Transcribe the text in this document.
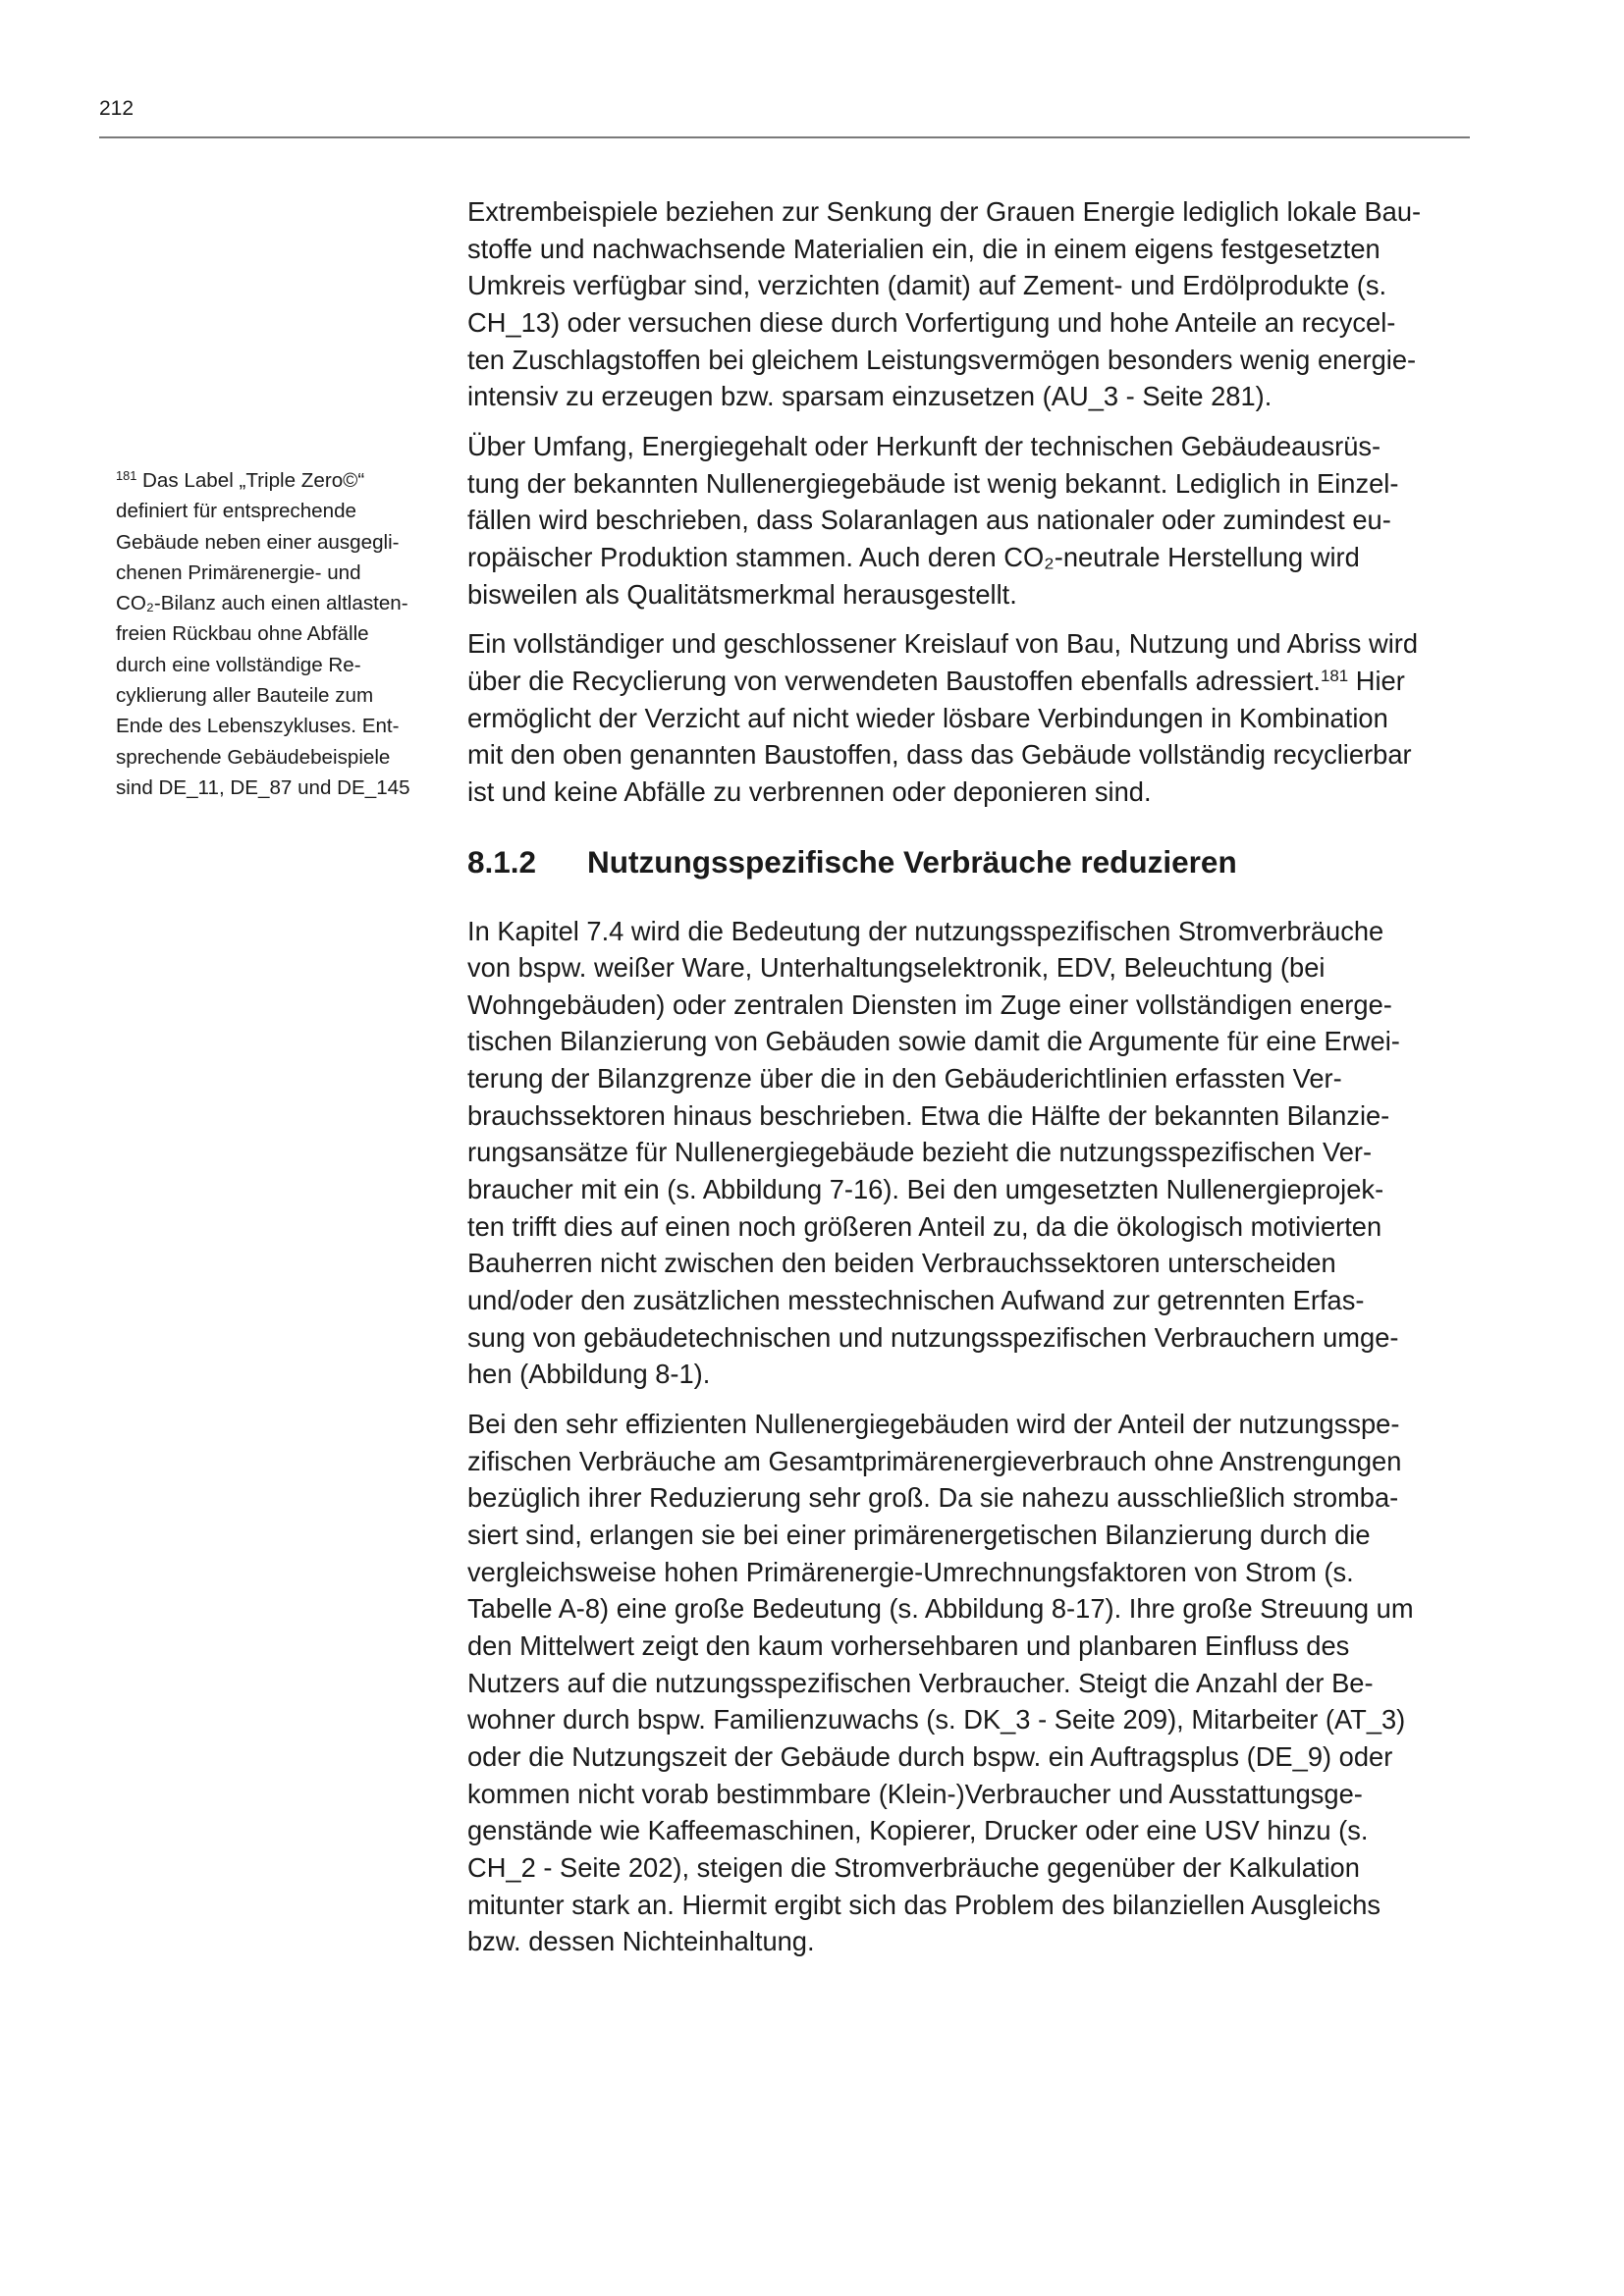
212
$^{181}$ Das Label „Triple Zero©“
definiert für entsprechende
Gebäude neben einer ausgegli-
chenen Primärenergie- und
CO₂-Bilanz auch einen altlasten-
freien Rückbau ohne Abfälle
durch eine vollständige Re-
cyklierung aller Bauteile zum
Ende des Lebenszykluses. Ent-
sprechende Gebäudebeispiele
sind DE_11, DE_87 und DE_145
Extrembeispiele beziehen zur Senkung der Grauen Energie lediglich lokale Bau-
stoffe und nachwachsende Materialien ein, die in einem eigens festgesetzten
Umkreis verfügbar sind, verzichten (damit) auf Zement- und Erdölprodukte (s.
CH_13) oder versuchen diese durch Vorfertigung und hohe Anteile an recycel-
ten Zuschlagstoffen bei gleichem Leistungsvermögen besonders wenig energie-
intensiv zu erzeugen bzw. sparsam einzusetzen (AU_3 - Seite 281).
Über Umfang, Energiegehalt oder Herkunft der technischen Gebäudeausrüs-
tung der bekannten Nullenergiegebäude ist wenig bekannt. Lediglich in Einzel-
fällen wird beschrieben, dass Solaranlagen aus nationaler oder zumindest eu-
ropäischer Produktion stammen. Auch deren CO₂-neutrale Herstellung wird
bisweilen als Qualitätsmerkmal herausgestellt.
Ein vollständiger und geschlossener Kreislauf von Bau, Nutzung und Abriss wird
über die Recyclierung von verwendeten Baustoffen ebenfalls adressiert.$^{181}$ Hier
ermöglicht der Verzicht auf nicht wieder lösbare Verbindungen in Kombination
mit den oben genannten Baustoffen, dass das Gebäude vollständig recyclierbar
ist und keine Abfälle zu verbrennen oder deponieren sind.
8.1.2	Nutzungsspezifische Verbräuche reduzieren
In Kapitel 7.4 wird die Bedeutung der nutzungsspezifischen Stromverbräuche
von bspw. weißer Ware, Unterhaltungselektronik, EDV, Beleuchtung (bei
Wohngebäuden) oder zentralen Diensten im Zuge einer vollständigen energe-
tischen Bilanzierung von Gebäuden sowie damit die Argumente für eine Erwei-
terung der Bilanzgrenze über die in den Gebäuderichtlinien erfassten Ver-
brauchssektoren hinaus beschrieben. Etwa die Hälfte der bekannten Bilanzie-
rungsansätze für Nullenergiegebäude bezieht die nutzungsspezifischen Ver-
braucher mit ein (s. Abbildung 7-16). Bei den umgesetzten Nullenergieprojek-
ten trifft dies auf einen noch größeren Anteil zu, da die ökologisch motivierten
Bauherren nicht zwischen den beiden Verbrauchssektoren unterscheiden
und/oder den zusätzlichen messtechnischen Aufwand zur getrennten Erfas-
sung von gebäudetechnischen und nutzungsspezifischen Verbrauchern umge-
hen (Abbildung 8-1).
Bei den sehr effizienten Nullenergiegebäuden wird der Anteil der nutzungsspe-
zifischen Verbräuche am Gesamtprimärenergieverbrauch ohne Anstrengungen
bezüglich ihrer Reduzierung sehr groß. Da sie nahezu ausschließlich stromba-
siert sind, erlangen sie bei einer primärenergetischen Bilanzierung durch die
vergleichsweise hohen Primärenergie-Umrechnungsfaktoren von Strom (s.
Tabelle A-8) eine große Bedeutung (s. Abbildung 8-17). Ihre große Streuung um
den Mittelwert zeigt den kaum vorhersehbaren und planbaren Einfluss des
Nutzers auf die nutzungsspezifischen Verbraucher. Steigt die Anzahl der Be-
wohner durch bspw. Familienzuwachs (s. DK_3 - Seite 209), Mitarbeiter (AT_3)
oder die Nutzungszeit der Gebäude durch bspw. ein Auftragsplus (DE_9) oder
kommen nicht vorab bestimmbare (Klein-)Verbraucher und Ausstattungsge-
genstände wie Kaffeemaschinen, Kopierer, Drucker oder eine USV hinzu (s.
CH_2 - Seite 202), steigen die Stromverbräuche gegenüber der Kalkulation
mitunter stark an. Hiermit ergibt sich das Problem des bilanziellen Ausgleichs
bzw. dessen Nichteinhaltung.
